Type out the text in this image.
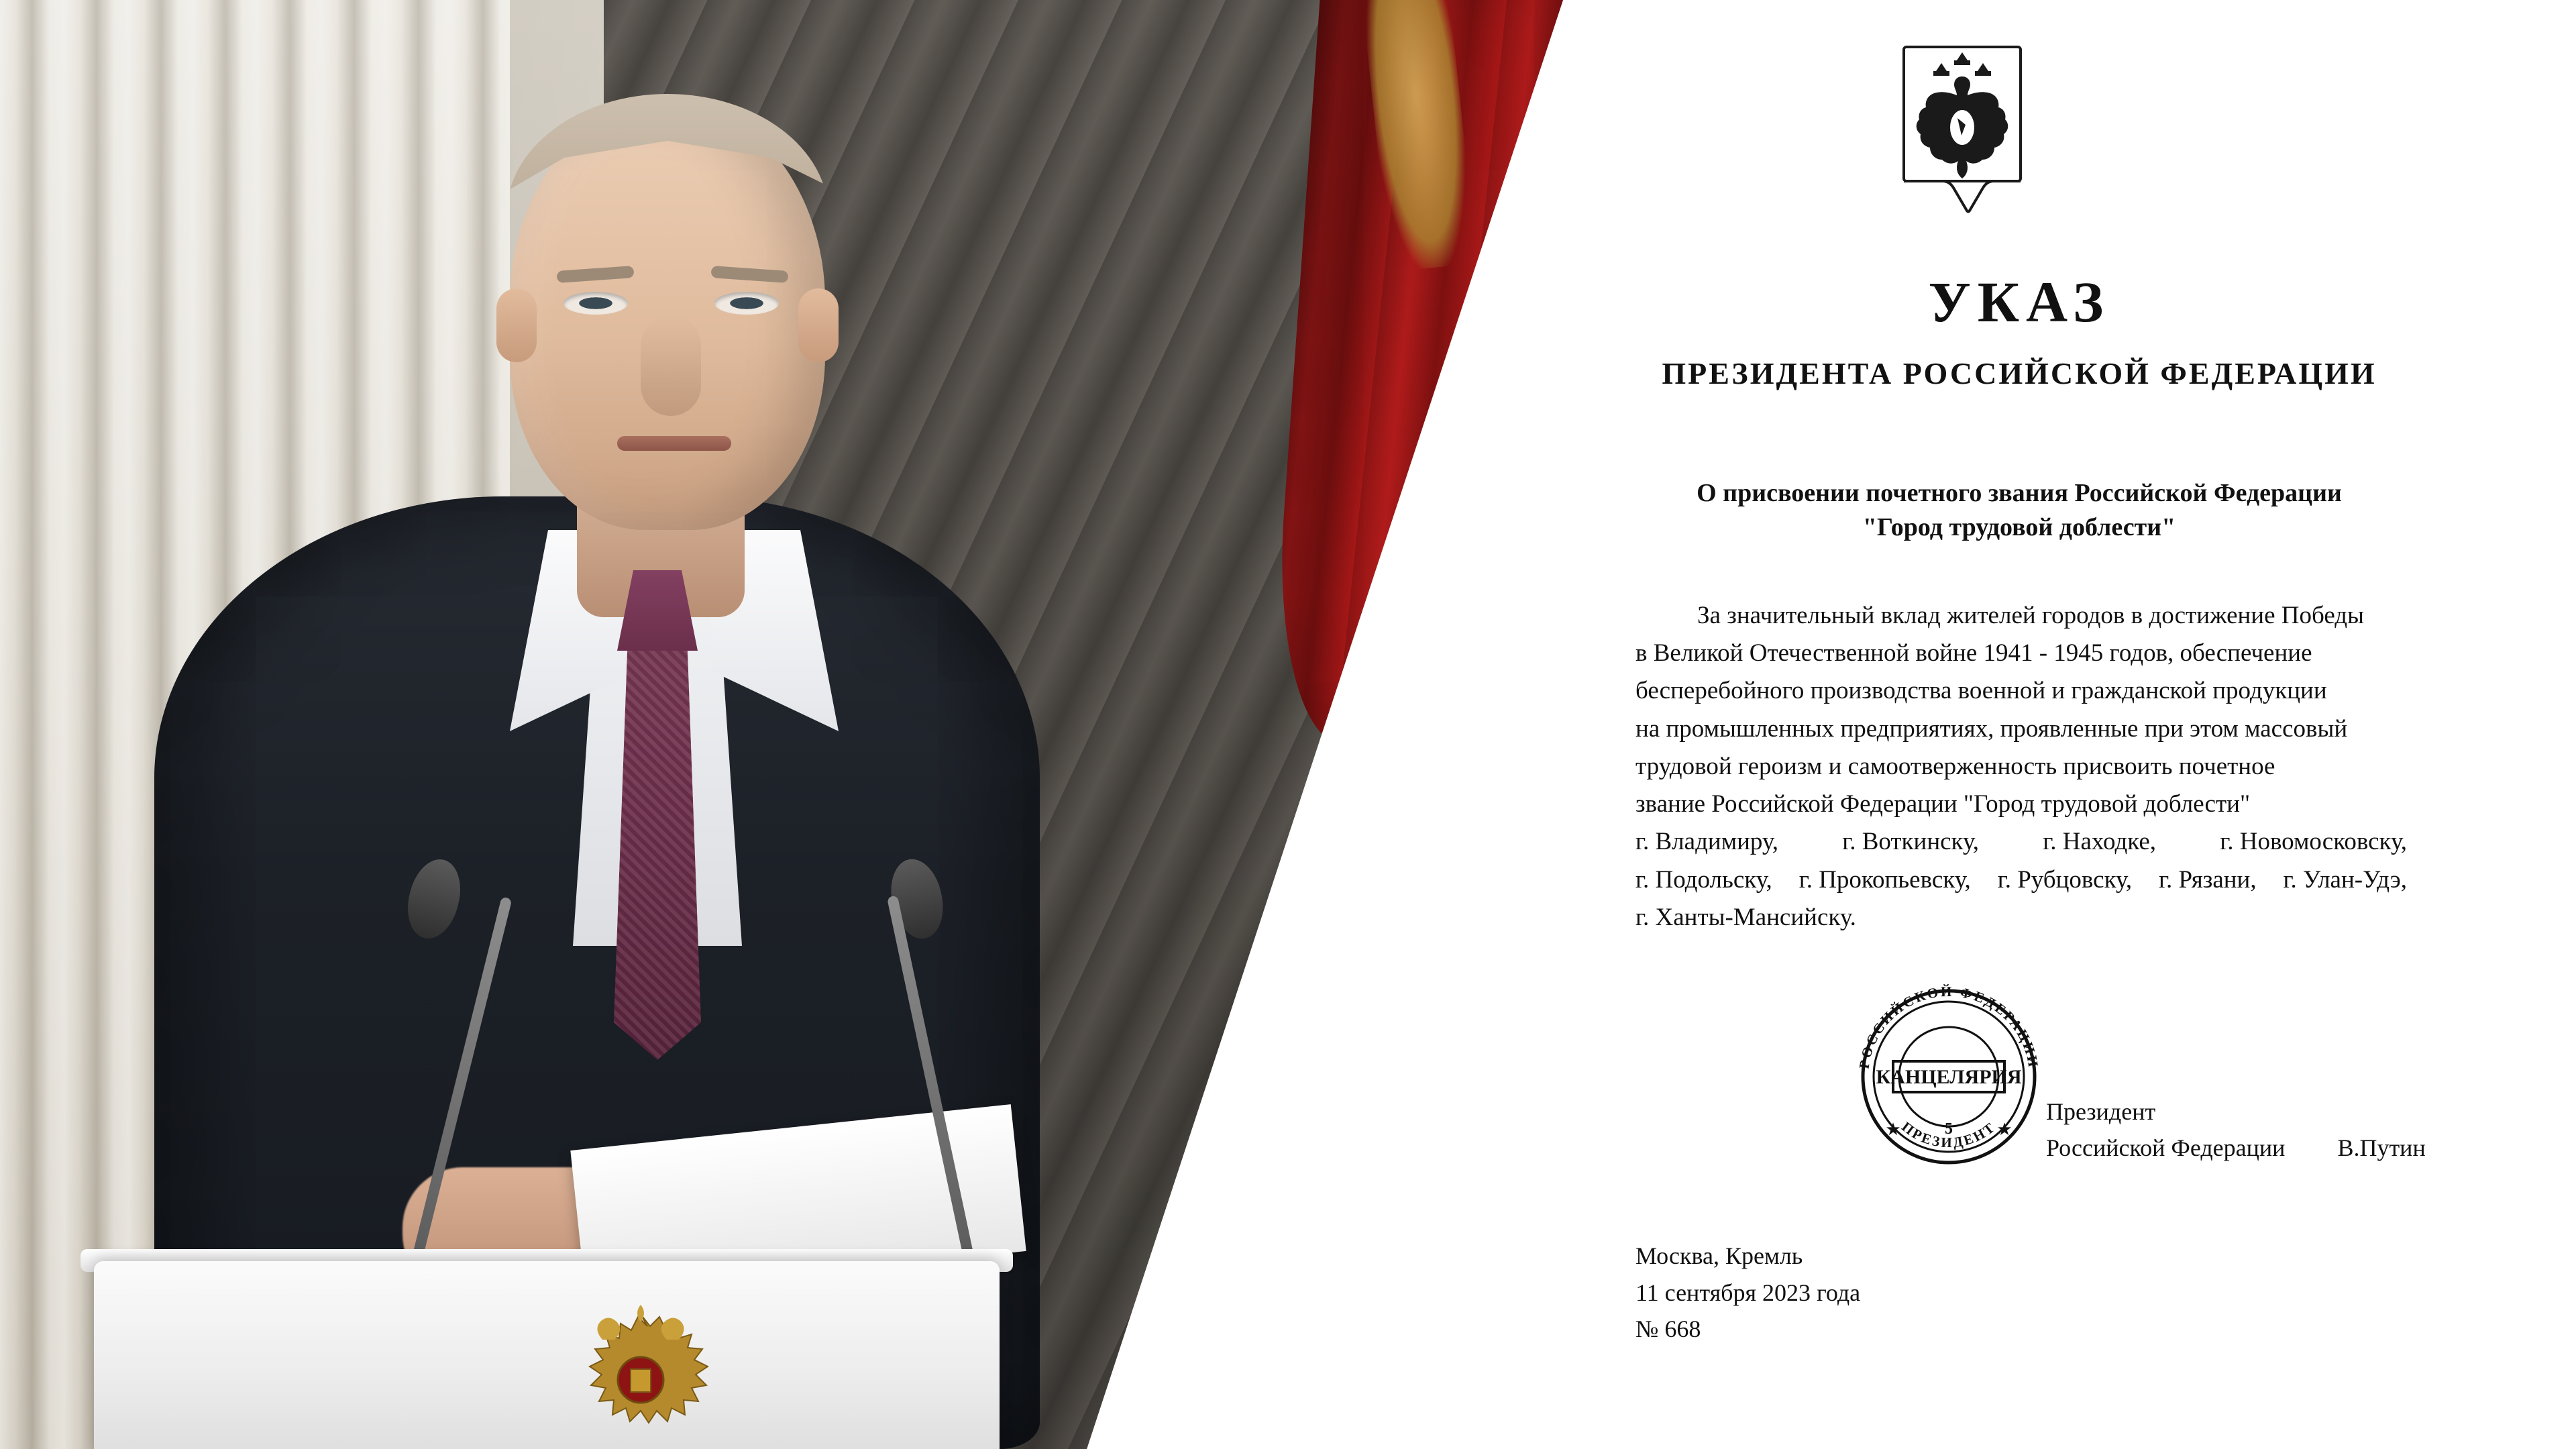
УКАЗ
ПРЕЗИДЕНТА РОССИЙСКОЙ ФЕДЕРАЦИИ
О присвоении почетного звания Российской Федерации
"Город трудовой доблести"

За значительный вклад жителей городов в достижение Победы

в Великой Отечественной войне 1941 - 1945 годов, обеспечение

бесперебойного производства военной и гражданской продукции

на промышленных предприятиях, проявленные при этом массовый

трудовой героизм и самоотверженность присвоить почетное

звание Российской Федерации "Город трудовой доблести"

г. Владимиру,	г. Воткинску,	г. Находке,	г. Новомосковску,

г. Подольску, г. Прокопьевску, г. Рубцовску, г. Рязани, г. Улан-Удэ,

г. Ханты-Мансийску.

КАНЦЕЛЯРИЯ
РОССИЙСКОЙ ФЕДЕРАЦИИ
ПРЕЗИДЕНТ
5
★	★
Президент
Российской Федерации В.Путин
Москва, Кремль
11 сентября 2023 года
№ 668
